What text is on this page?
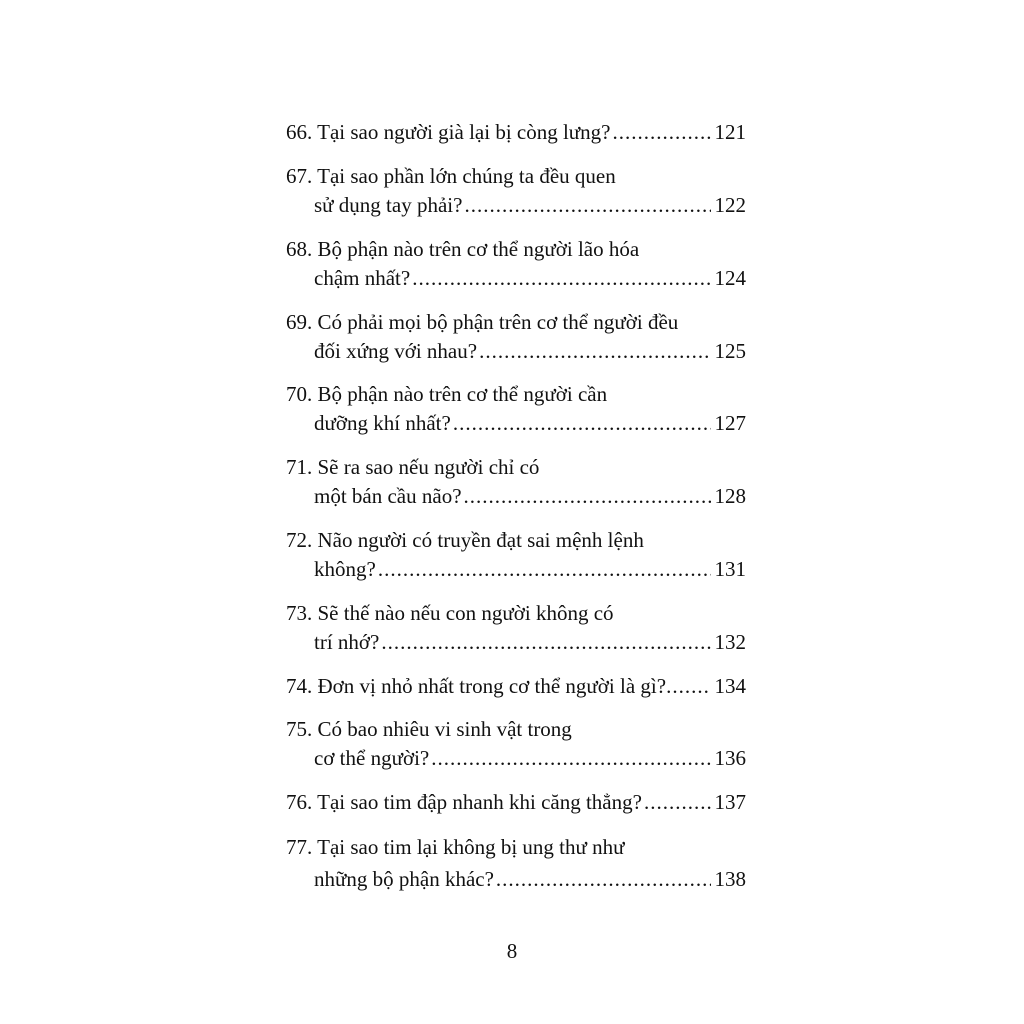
66. Tại sao người già lại bị còng lưng? .....	121
67. Tại sao phần lớn chúng ta đều quen
sử dụng tay phải? .....	122
68. Bộ phận nào trên cơ thể người lão hóa
chậm nhất? .....	124
69. Có phải mọi bộ phận trên cơ thể người đều
đối xứng với nhau? .....	125
70. Bộ phận nào trên cơ thể người cần
dưỡng khí nhất? .....	127
71. Sẽ ra sao nếu người chỉ có
một bán cầu não? .....	128
72. Não người có truyền đạt sai mệnh lệnh
không? .....	131
73. Sẽ thế nào nếu con người không có
trí nhớ? .....	132
74. Đơn vị nhỏ nhất trong cơ thể người là gì? ..... 134
75. Có bao nhiêu vi sinh vật trong
cơ thể người? .....	136
76. Tại sao tim đập nhanh khi căng thẳng? .....	137
77. Tại sao tim lại không bị ung thư như
những bộ phận khác? .....	138
8
